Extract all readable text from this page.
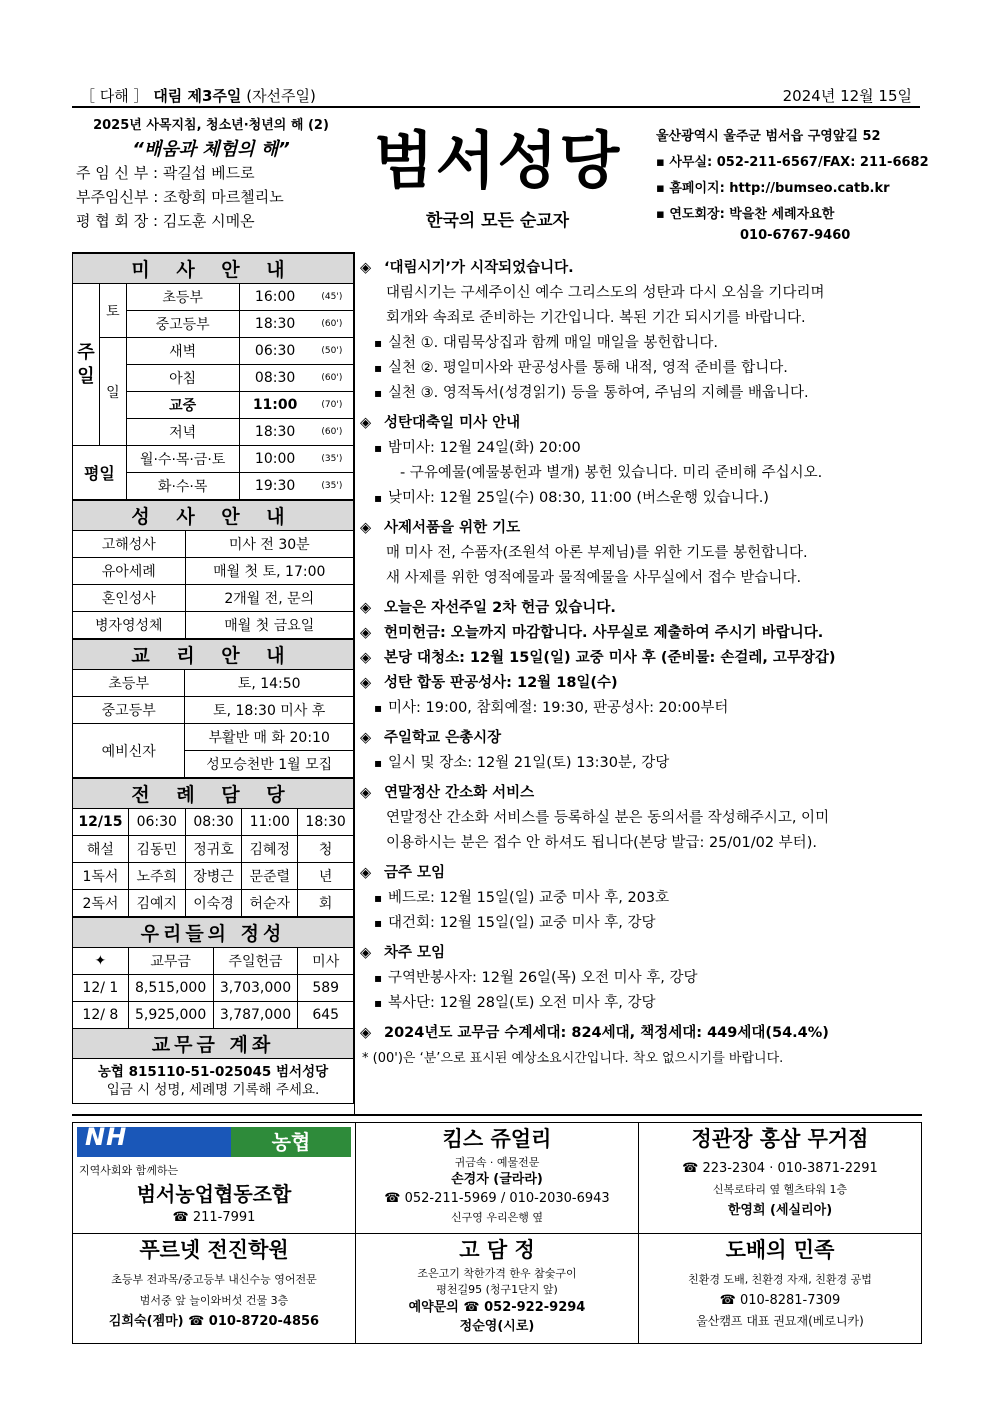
［ 다해 ］ 대림 제3주일 (자선주일)	2024년 12월 15일
2025년 사목지침, 청소년·청년의 해 (2)
“배움과 체험의 해”
주 임 신 부 : 곽길섭 베드로
부주임신부 : 조항희 마르첼리노
평 협 회 장 : 김도훈 시메온
범서성당
한국의 모든 순교자
울산광역시 울주군 범서읍 구영앞길 52
▪ 사무실: 052-211-6567/FAX: 211-6682
▪ 홈페이지: http://bumseo.catb.kr
▪ 연도회장: 박을찬 세례자요한
010-6767-9460
미 사 안 내				
주일	토	초등부	16:00	(45')
		중고등부	18:30	(60')
	일	새벽	06:30	(50')
		아침	08:30	(60')
		교중	11:00	(70')
		저녁	18:30	(60')
평일		월·수·목·금·토	10:00	(35')
		화·수·목	19:30	(35')
성 사 안 내	
고해성사	미사 전 30분
유아세례	매월 첫 토, 17:00
혼인성사	2개월 전, 문의
병자영성체	매월 첫 금요일
교 리 안 내	
초등부	토, 14:50
중고등부	토, 18:30 미사 후
예비신자	부활반 매 화 20:10
	성모승천반 1월 모집
전 례 담 당				
12/15	06:30	08:30	11:00	18:30
해설	김동민	정귀호	김혜정	청
1독서	노주희	장병근	문준렬	년
2독서	김예지	이숙경	허순자	회
우리들의 정성			
✦	교무금	주일헌금	미사
12/ 1	8,515,000	3,703,000	589
12/ 8	5,925,000	3,787,000	645
교무금 계좌			
농협 815110-51-025045 범서성당
입금 시 성명, 세례명 기록해 주세요.
◈ ‘대림시기’가 시작되었습니다.
대림시기는 구세주이신 예수 그리스도의 성탄과 다시 오심을 기다리며
회개와 속죄로 준비하는 기간입니다. 복된 기간 되시기를 바랍니다.
▪ 실천 ①. 대림묵상집과 함께 매일 매일을 봉헌합니다.
▪ 실천 ②. 평일미사와 판공성사를 통해 내적, 영적 준비를 합니다.
▪ 실천 ③. 영적독서(성경읽기) 등을 통하여, 주님의 지혜를 배웁니다.
◈ 성탄대축일 미사 안내
▪ 밤미사: 12월 24일(화) 20:00
- 구유예물(예물봉헌과 별개) 봉헌 있습니다. 미리 준비해 주십시오.
▪ 낮미사: 12월 25일(수) 08:30, 11:00 (버스운행 있습니다.)
◈ 사제서품을 위한 기도
매 미사 전, 수품자(조원석 아론 부제님)를 위한 기도를 봉헌합니다.
새 사제를 위한 영적예물과 물적예물을 사무실에서 접수 받습니다.
◈ 오늘은 자선주일 2차 헌금 있습니다.
◈ 헌미헌금: 오늘까지 마감합니다. 사무실로 제출하여 주시기 바랍니다.
◈ 본당 대청소: 12월 15일(일) 교중 미사 후 (준비물: 손걸레, 고무장갑)
◈ 성탄 합동 판공성사: 12월 18일(수)
▪ 미사: 19:00, 참회예절: 19:30, 판공성사: 20:00부터
◈ 주일학교 은총시장
▪ 일시 및 장소: 12월 21일(토) 13:30분, 강당
◈ 연말정산 간소화 서비스
연말정산 간소화 서비스를 등록하실 분은 동의서를 작성해주시고, 이미
이용하시는 분은 접수 안 하셔도 됩니다(본당 발급: 25/01/02 부터).
◈ 금주 모임
▪ 베드로: 12월 15일(일) 교중 미사 후, 203호
▪ 대건회: 12월 15일(일) 교중 미사 후, 강당
◈ 차주 모임
▪ 구역반봉사자: 12월 26일(목) 오전 미사 후, 강당
▪ 복사단: 12월 28일(토) 오전 미사 후, 강당
◈ 2024년도 교무금 수계세대: 824세대, 책정세대: 449세대(54.4%)
* (00')은 ‘분’으로 표시된 예상소요시간입니다. 착오 없으시기를 바랍니다.
NH	농협
지역사회와 함께하는
범서농업협동조합
☎ 211-7991
킴스 쥬얼리
귀금속 · 예물전문
손경자 (글라라)
☎ 052-211-5969 / 010-2030-6943
신구영 우리은행 옆
정관장 홍삼 무거점
☎ 223-2304 · 010-3871-2291
신복로타리 옆 헬츠타워 1층
한영희 (세실리아)
푸르넷 전진학원
초등부 전과목/중고등부 내신수능 영어전문
범서중 앞 늘이와버섯 건물 3층
김희숙(젬마) ☎ 010-8720-4856
고 담 정
조은고기 착한가격 한우 참숯구이
평천길95 (청구1단지 앞)
예약문의 ☎ 052-922-9294
정순영(시로)
도배의 민족
친환경 도배, 친환경 자재, 친환경 공법
☎ 010-8281-7309
울산캠프 대표 권묘재(베로니카)
